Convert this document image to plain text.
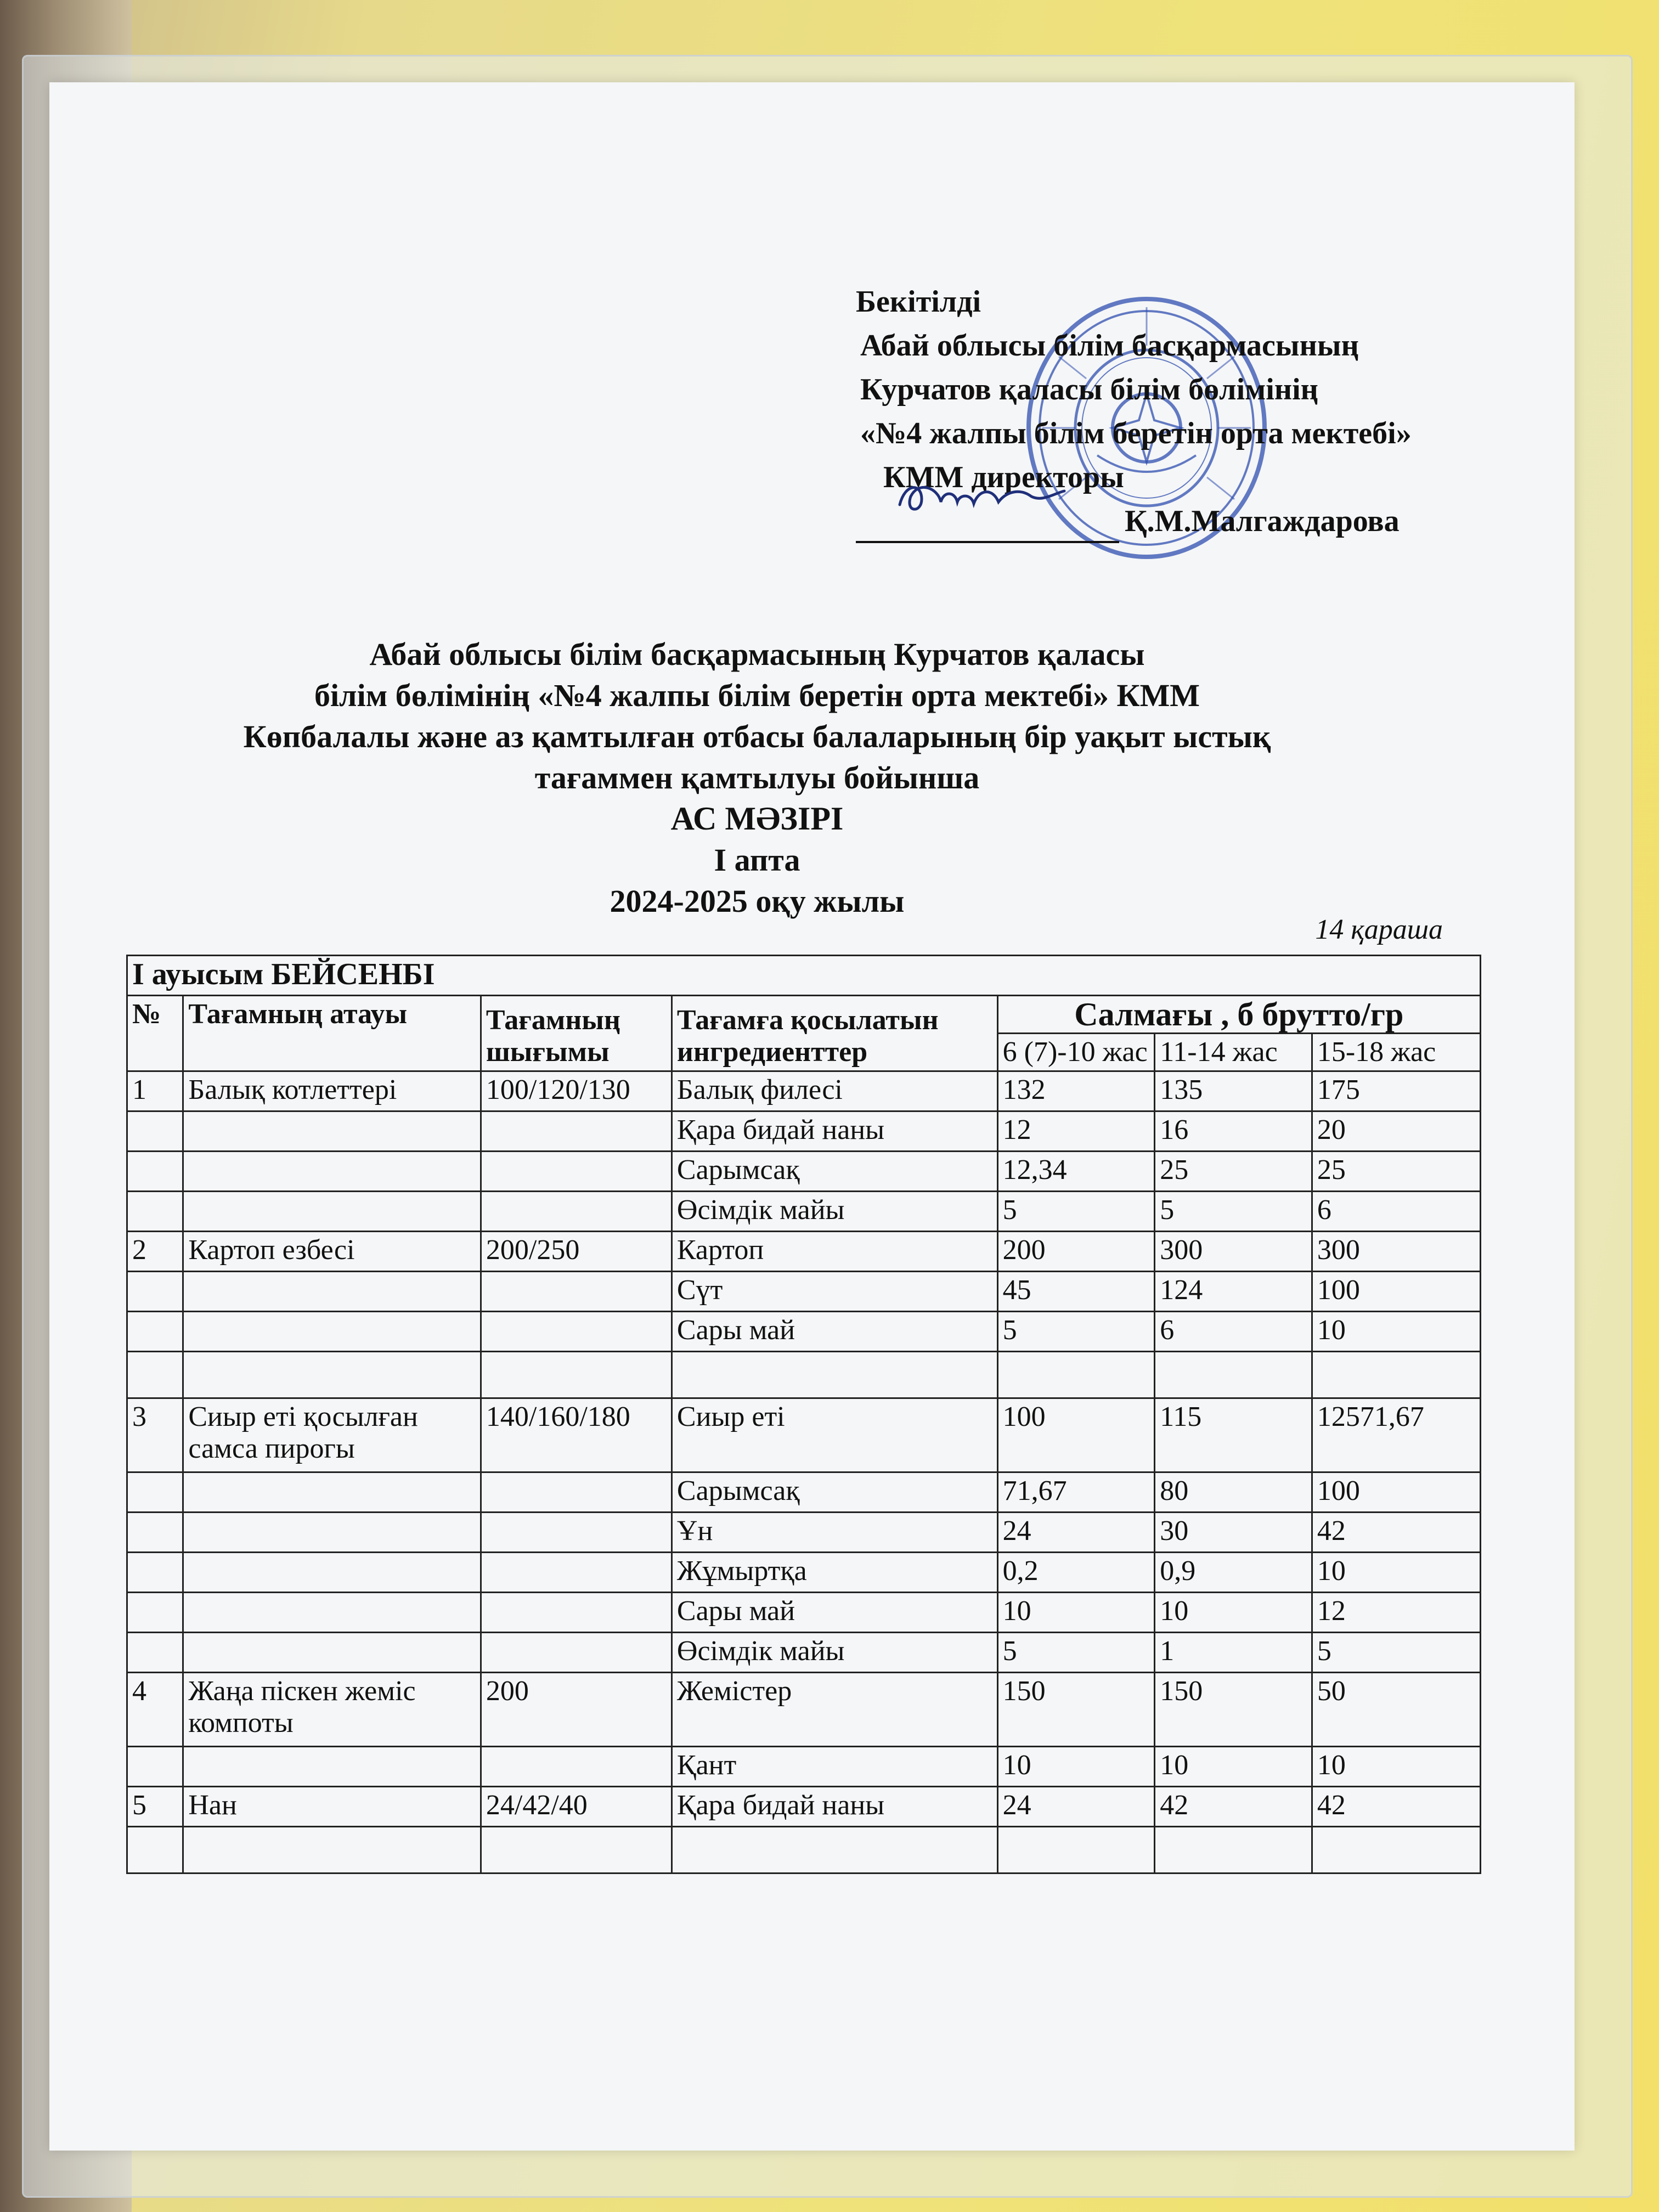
Бекітілді
Абай облысы білім басқармасының
Курчатов қаласы білім бөлімінің
«№4 жалпы білім беретін орта мектебі»
КММ директоры
Қ.М.Малгаждарова
Абай облысы білім басқармасының Курчатов қаласы
білім бөлімінің «№4 жалпы білім беретін орта мектебі» КММ
Көпбалалы және аз қамтылған отбасы балаларының бір уақыт ыстық
тағаммен қамтылуы бойынша
АС МӘЗІРІ
І апта
2024-2025 оқу жылы
14 қараша
І ауысым БЕЙСЕНБІ						
№	Тағамның атауы	Тағамның шығымы	Тағамға қосылатын ингредиенттер	Салмағы , б брутто/гр		
				6 (7)-10 жас	11-14 жас	15-18 жас
1	Балық котлеттері	100/120/130	Балық филесі	132	135	175
			Қара бидай наны	12	16	20
			Сарымсақ	12,34	25	25
			Өсімдік майы	5	5	6
2	Картоп езбесі	200/250	Картоп	200	300	300
			Сүт	45	124	100
			Сары май	5	6	10

3	Сиыр еті қосылған самса пирогы	140/160/180	Сиыр еті	100	115	12571,67
			Сарымсақ	71,67	80	100
			Ұн	24	30	42
			Жұмыртқа	0,2	0,9	10
			Сары май	10	10	12
			Өсімдік майы	5	1	5
4	Жаңа піскен жеміс компоты	200	Жемістер	150	150	50
			Қант	10	10	10
5	Нан	24/42/40	Қара бидай наны	24	42	42
